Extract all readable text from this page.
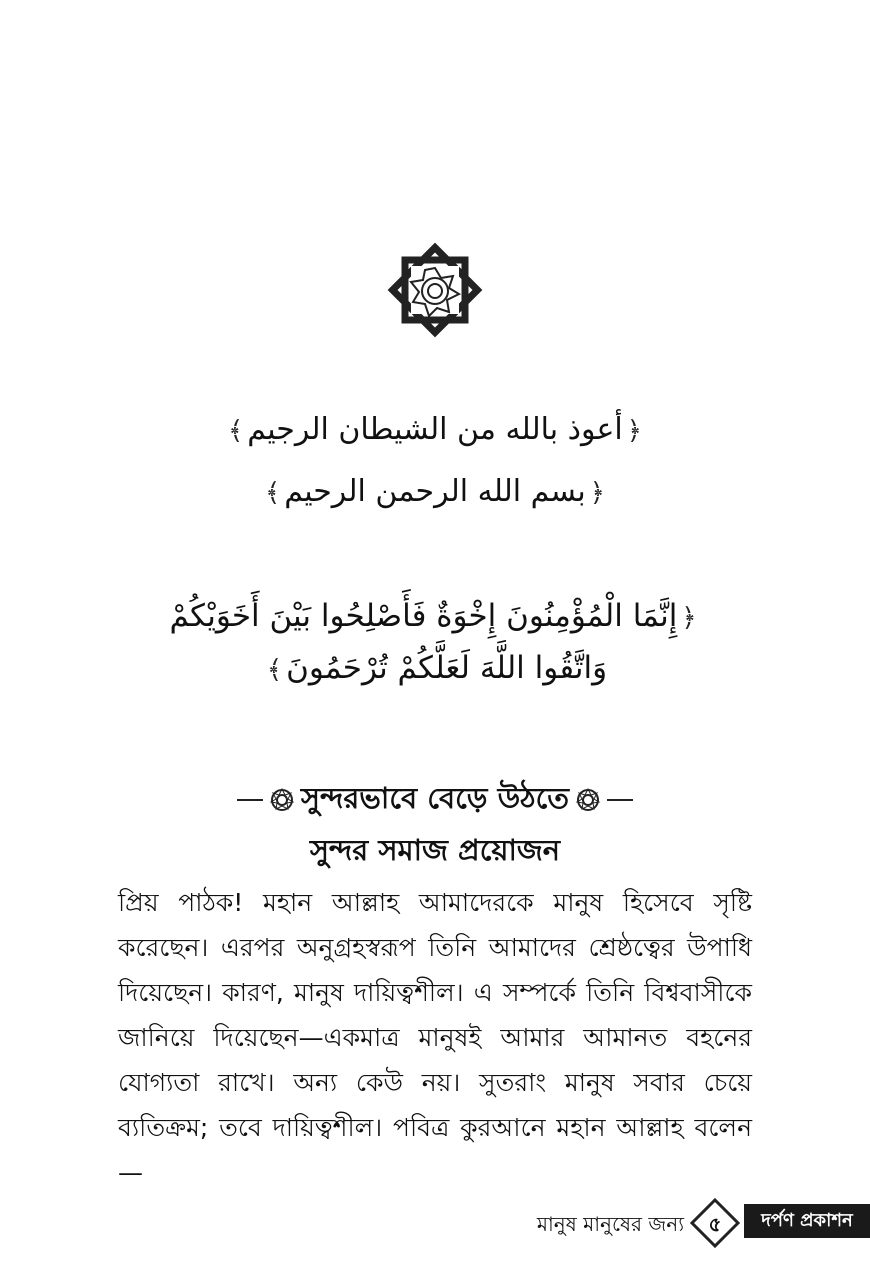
﴿أعوذ بالله من الشيطان الرجيم﴾
﴿بسم الله الرحمن الرحيم﴾
﴿إِنَّمَا الْمُؤْمِنُونَ إِخْوَةٌ فَأَصْلِحُوا بَيْنَ أَخَوَيْكُمْ
وَاتَّقُوا اللَّهَ لَعَلَّكُمْ تُرْحَمُونَ﴾
সুন্দরভাবে বেড়ে উঠতে
সুন্দর সমাজ প্রয়োজন
প্রিয় পাঠক! মহান আল্লাহ আমাদেরকে মানুষ হিসেবে সৃষ্টি করেছেন। এরপর অনুগ্রহস্বরূপ তিনি আমাদের শ্রেষ্ঠত্বের উপাধি দিয়েছেন। কারণ, মানুষ দায়িত্বশীল। এ সম্পর্কে তিনি বিশ্ববাসীকে জানিয়ে দিয়েছেন—একমাত্র মানুষই আমার আমানত বহনের যোগ্যতা রাখে। অন্য কেউ নয়। সুতরাং মানুষ সবার চেয়ে ব্যতিক্রম; তবে দায়িত্বশীল। পবিত্র কুরআনে মহান আল্লাহ বলেন—
মানুষ মানুষের জন্য	৫	দর্পণ প্রকাশন
